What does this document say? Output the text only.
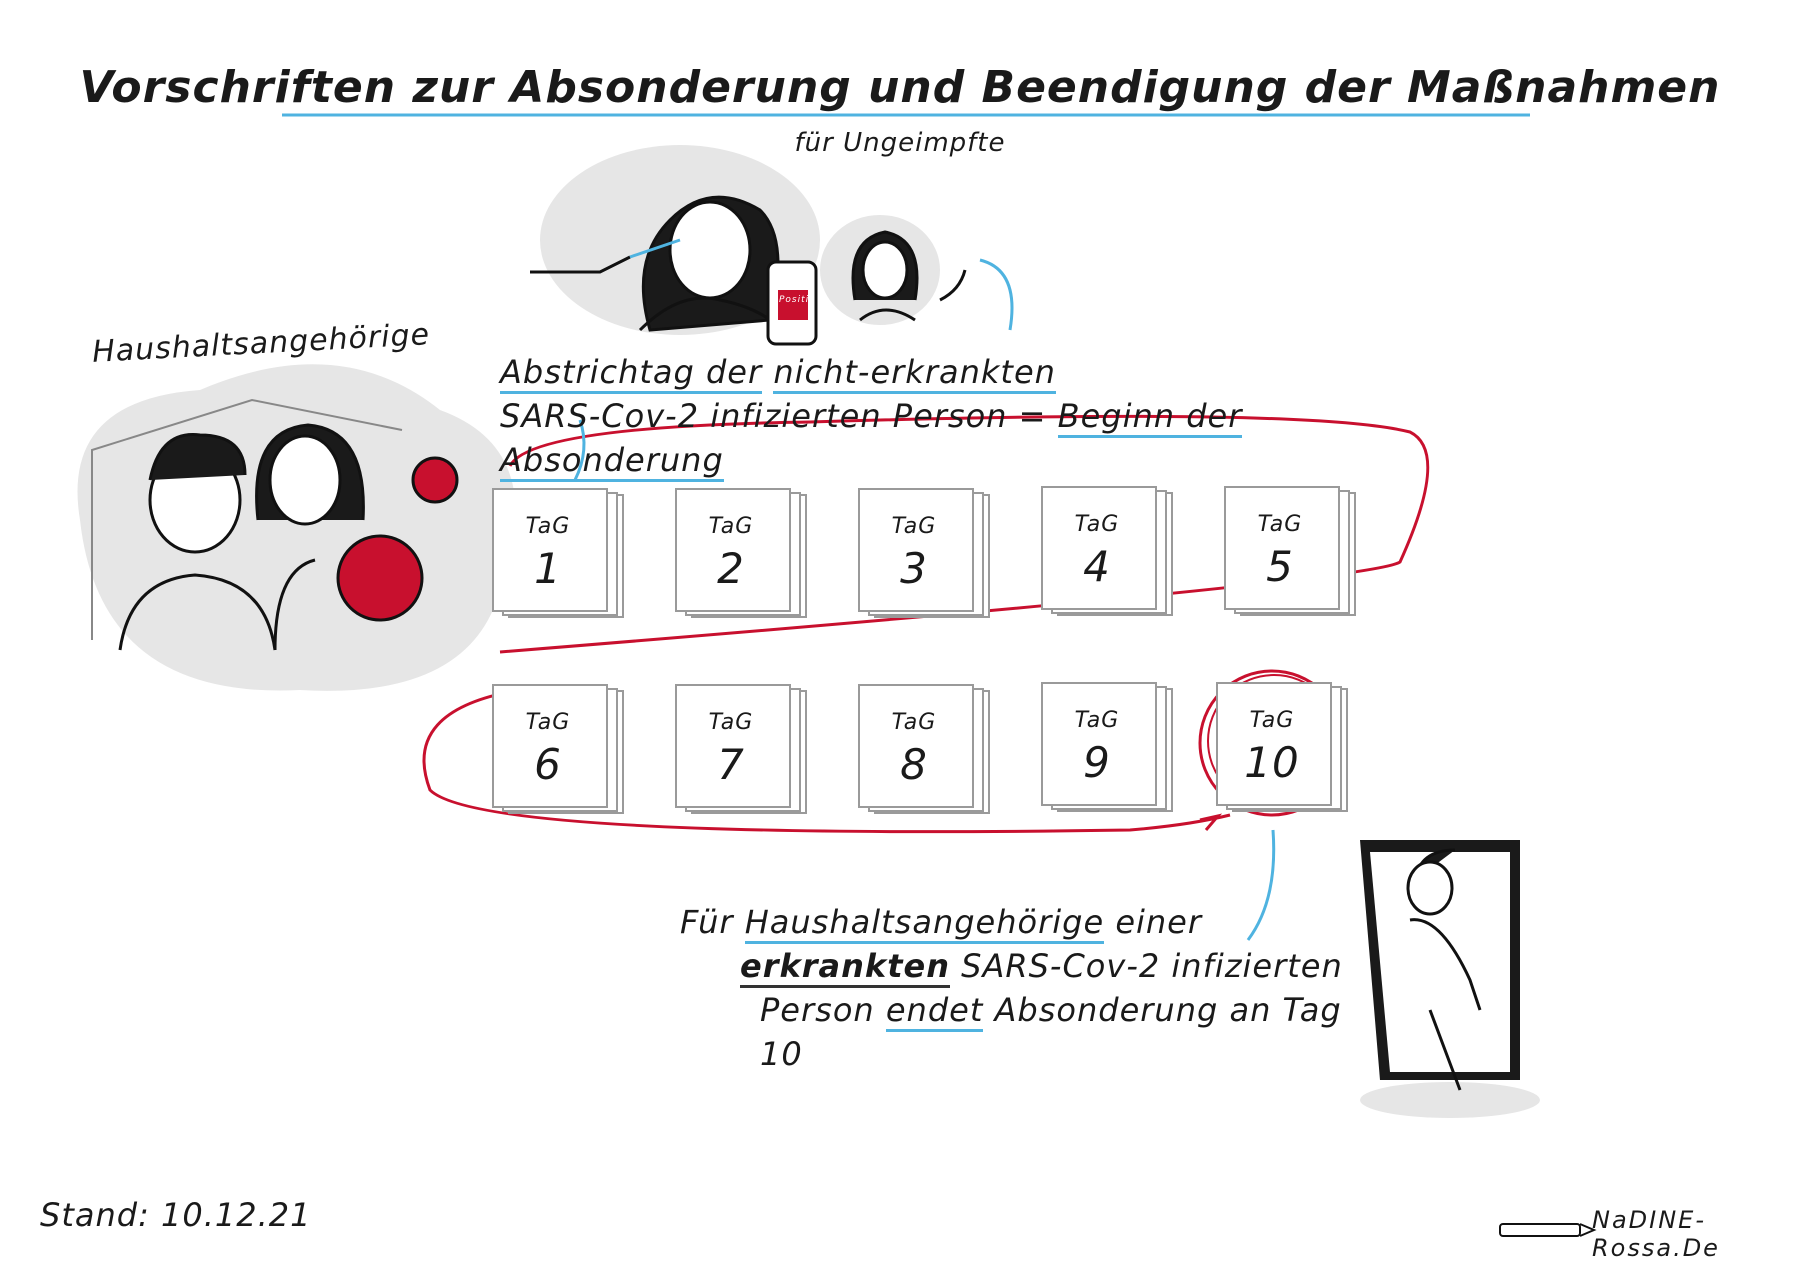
Vorschriften zur Absonderung und Beendigung der Maßnahmen
für Ungeimpfte
Haushaltsangehörige
Positiv
Abstrichtag der nicht-erkrankten
SARS-Cov-2 infizierten Person = Beginn der Absonderung
TaG
1
TaG
2
TaG
3
TaG
4
TaG
5
TaG
6
TaG
7
TaG
8
TaG
9
TaG
10
Für Haushaltsangehörige einer
erkrankten SARS-Cov-2 infizierten
Person endet Absonderung an Tag 10
Stand: 10.12.21	NaDINE-Rossa.De
